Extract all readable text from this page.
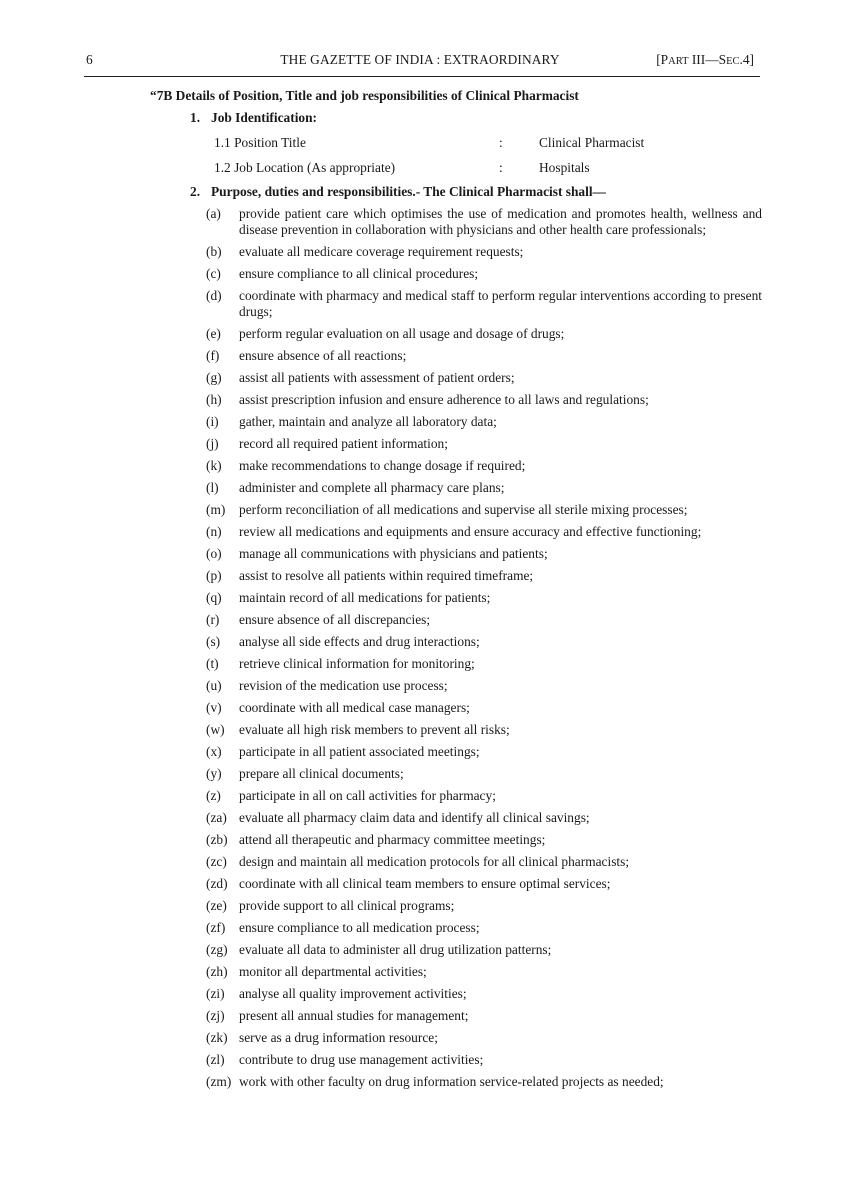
6	THE GAZETTE OF INDIA : EXTRAORDINARY	[PART III—SEC.4]
“7B Details of Position, Title and job responsibilities of Clinical Pharmacist
1. Job Identification:
1.1 Position Title	:	Clinical Pharmacist
1.2 Job Location (As appropriate)	:	Hospitals
2. Purpose, duties and responsibilities.- The Clinical Pharmacist shall—
(a) provide patient care which optimises the use of medication and promotes health, wellness and disease prevention in collaboration with physicians and other health care professionals;
(b) evaluate all medicare coverage requirement requests;
(c) ensure compliance to all clinical procedures;
(d) coordinate with pharmacy and medical staff to perform regular interventions according to present drugs;
(e) perform regular evaluation on all usage and dosage of drugs;
(f) ensure absence of all reactions;
(g) assist all patients with assessment of patient orders;
(h) assist prescription infusion and ensure adherence to all laws and regulations;
(i) gather, maintain and analyze all laboratory data;
(j) record all required patient information;
(k) make recommendations to change dosage if required;
(l) administer and complete all pharmacy care plans;
(m) perform reconciliation of all medications and supervise all sterile mixing processes;
(n) review all medications and equipments and ensure accuracy and effective functioning;
(o) manage all communications with physicians and patients;
(p) assist to resolve all patients within required timeframe;
(q) maintain record of all medications for patients;
(r) ensure absence of all discrepancies;
(s) analyse all side effects and drug interactions;
(t) retrieve clinical information for monitoring;
(u) revision of the medication use process;
(v) coordinate with all medical case managers;
(w) evaluate all high risk members to prevent all risks;
(x) participate in all patient associated meetings;
(y) prepare all clinical documents;
(z) participate in all on call activities for pharmacy;
(za) evaluate all pharmacy claim data and identify all clinical savings;
(zb) attend all therapeutic and pharmacy committee meetings;
(zc) design and maintain all medication protocols for all clinical pharmacists;
(zd) coordinate with all clinical team members to ensure optimal services;
(ze) provide support to all clinical programs;
(zf) ensure compliance to all medication process;
(zg) evaluate all data to administer all drug utilization patterns;
(zh) monitor all departmental activities;
(zi) analyse all quality improvement activities;
(zj) present all annual studies for management;
(zk) serve as a drug information resource;
(zl) contribute to drug use management activities;
(zm) work with other faculty on drug information service-related projects as needed;
